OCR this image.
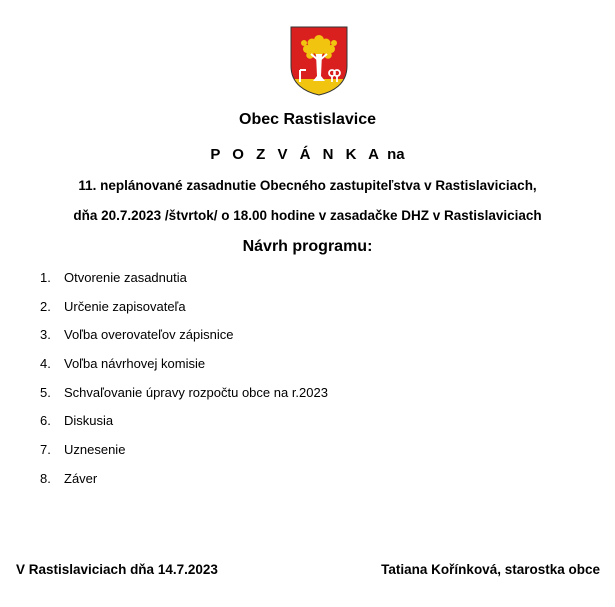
Obec Rastislavice
P O Z V Á N K A na
11. neplánované zasadnutie Obecného zastupiteľstva v Rastislaviciach,
dňa 20.7.2023 /štvrtok/ o 18.00 hodine v zasadačke DHZ v Rastislaviciach
Návrh programu:
1. Otvorenie zasadnutia
2. Určenie zapisovateľa
3. Voľba overovateľov zápisnice
4. Voľba návrhovej komisie
5. Schvaľovanie úpravy rozpočtu obce na r.2023
6. Diskusia
7. Uznesenie
8. Záver
V Rastislaviciach dňa 14.7.2023	Tatiana Kořínková, starostka obce
